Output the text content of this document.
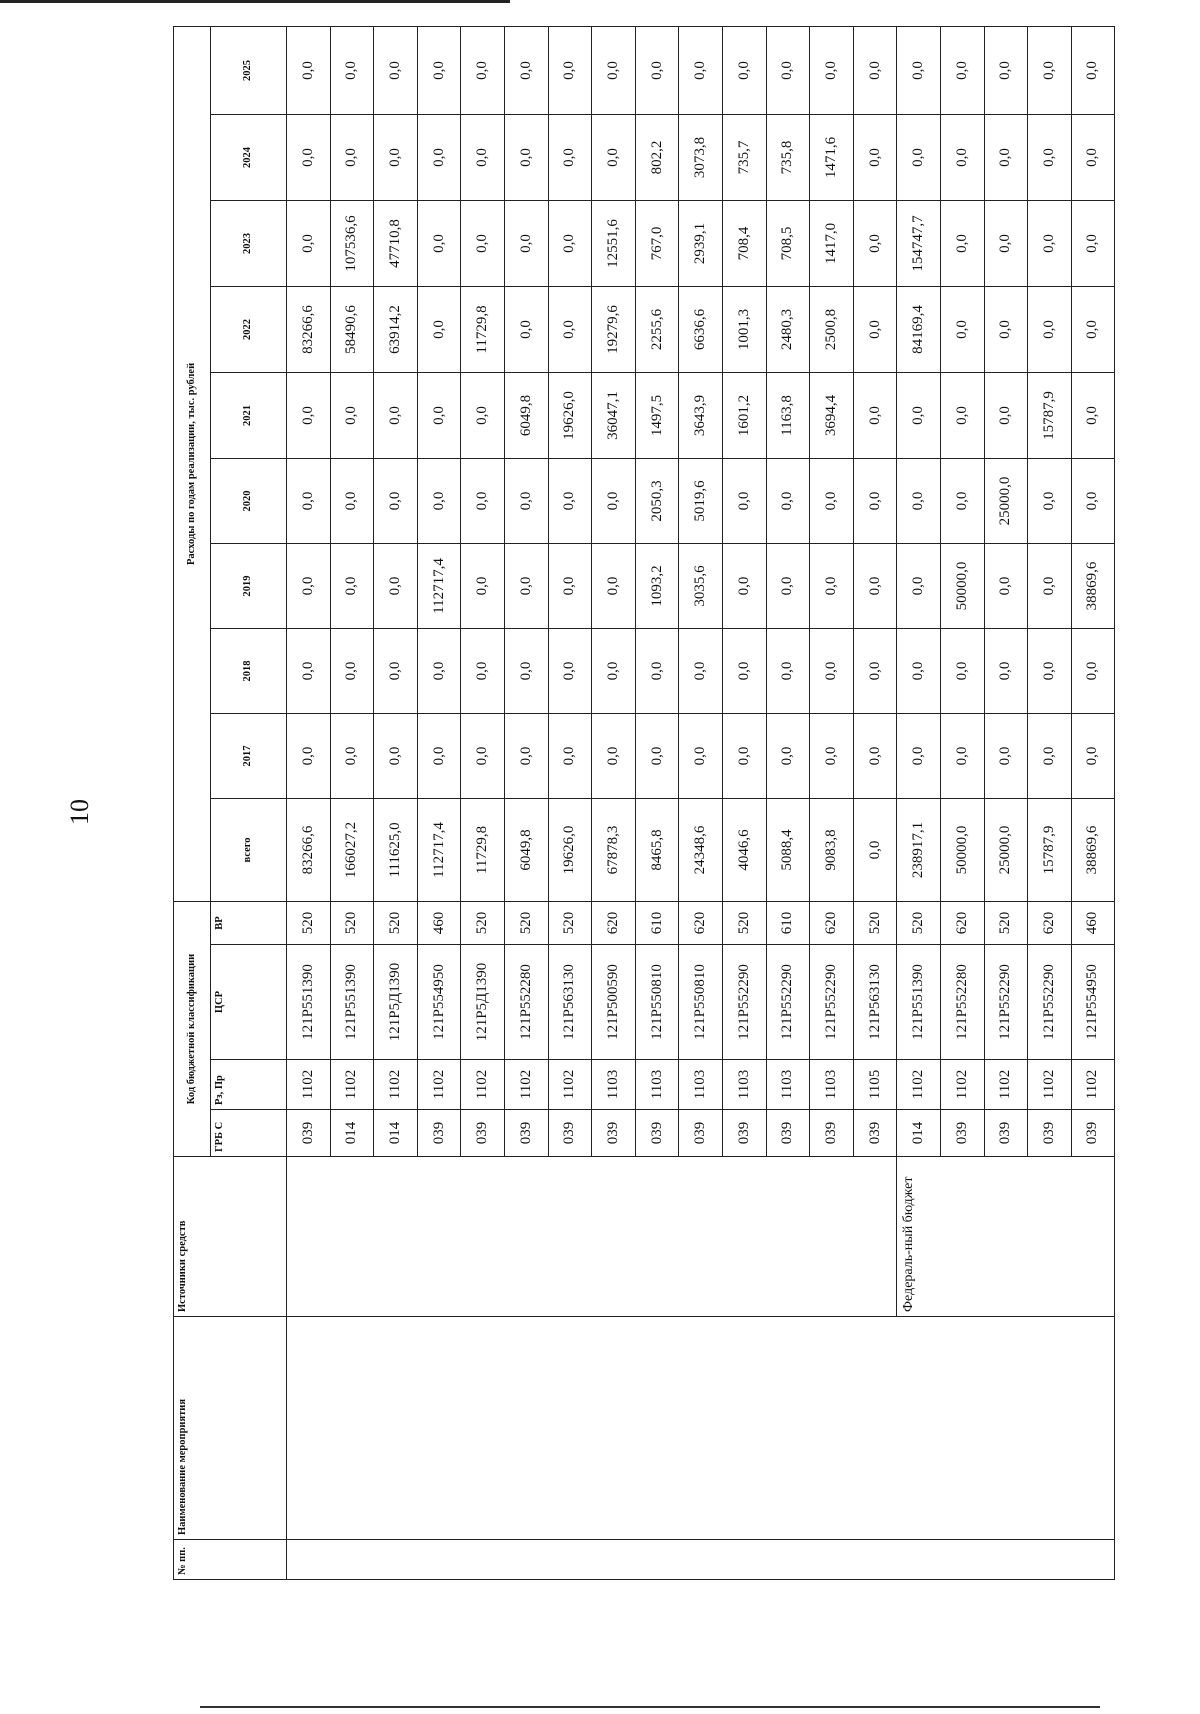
10
№ пп.	Наименование мероприятия	Источники средств	Код бюджетной классификации				Расходы по годам реализации, тыс. рублей									
			ГРБ С	Рз, Пр	ЦСР	ВР	всего	2017	2018	2019	2020	2021	2022	2023	2024	2025
			039	1102	121P551390	520	83266,6	0,0	0,0	0,0	0,0	0,0	83266,6	0,0	0,0	0,0
			014	1102	121P551390	520	166027,2	0,0	0,0	0,0	0,0	0,0	58490,6	107536,6	0,0	0,0
			014	1102	121P5Д1390	520	111625,0	0,0	0,0	0,0	0,0	0,0	63914,2	47710,8	0,0	0,0
			039	1102	121P554950	460	112717,4	0,0	0,0	112717,4	0,0	0,0	0,0	0,0	0,0	0,0
			039	1102	121P5Д1390	520	11729,8	0,0	0,0	0,0	0,0	0,0	11729,8	0,0	0,0	0,0
			039	1102	121P552280	520	6049,8	0,0	0,0	0,0	0,0	6049,8	0,0	0,0	0,0	0,0
			039	1102	121P563130	520	19626,0	0,0	0,0	0,0	0,0	19626,0	0,0	0,0	0,0	0,0
			039	1103	121P500590	620	67878,3	0,0	0,0	0,0	0,0	36047,1	19279,6	12551,6	0,0	0,0
			039	1103	121P550810	610	8465,8	0,0	0,0	1093,2	2050,3	1497,5	2255,6	767,0	802,2	0,0
			039	1103	121P550810	620	24348,6	0,0	0,0	3035,6	5019,6	3643,9	6636,6	2939,1	3073,8	0,0
			039	1103	121P552290	520	4046,6	0,0	0,0	0,0	0,0	1601,2	1001,3	708,4	735,7	0,0
			039	1103	121P552290	610	5088,4	0,0	0,0	0,0	0,0	1163,8	2480,3	708,5	735,8	0,0
			039	1103	121P552290	620	9083,8	0,0	0,0	0,0	0,0	3694,4	2500,8	1417,0	1471,6	0,0
			039	1105	121P563130	520	0,0	0,0	0,0	0,0	0,0	0,0	0,0	0,0	0,0	0,0
		Федераль-ный бюджет	014	1102	121P551390	520	238917,1	0,0	0,0	0,0	0,0	0,0	84169,4	154747,7	0,0	0,0
			039	1102	121P552280	620	50000,0	0,0	0,0	50000,0	0,0	0,0	0,0	0,0	0,0	0,0
			039	1102	121P552290	520	25000,0	0,0	0,0	0,0	25000,0	0,0	0,0	0,0	0,0	0,0
			039	1102	121P552290	620	15787,9	0,0	0,0	0,0	0,0	15787,9	0,0	0,0	0,0	0,0
			039	1102	121P554950	460	38869,6	0,0	0,0	38869,6	0,0	0,0	0,0	0,0	0,0	0,0
